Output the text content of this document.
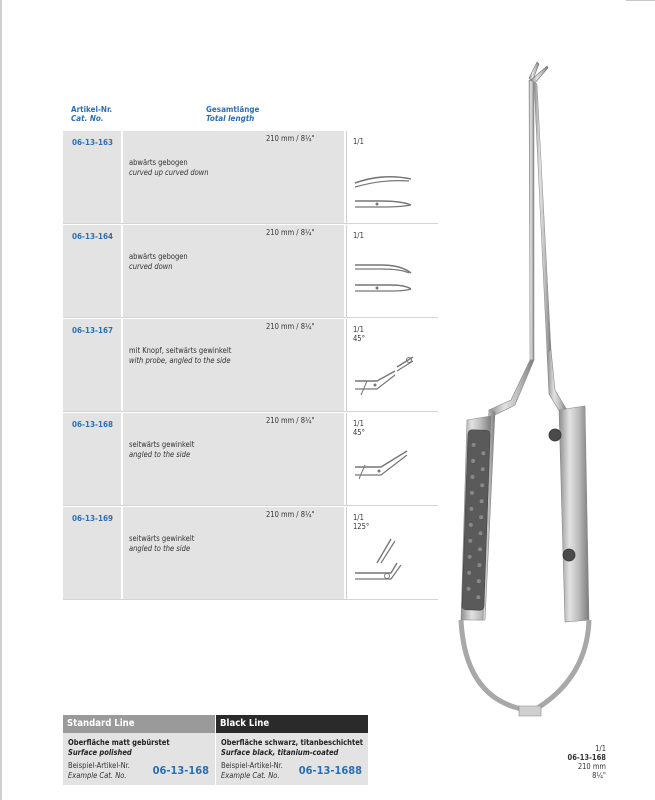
Artikel-Nr.
Cat. No.
Gesamtlänge
Total length
06-13-163	210 mm / 8¼"
abwärts gebogen
curved up curved down
1/1
06-13-164	210 mm / 8¼"
abwärts gebogen
curved down
1/1
06-13-167	210 mm / 8¼"
mit Knopf, seitwärts gewinkelt
with probe, angled to the side
1/1
45°
06-13-168	210 mm / 8¼"
seitwärts gewinkelt
angled to the side
1/1
45°
06-13-169	210 mm / 8¼"
seitwärts gewinkelt
angled to the side
1/1
125°
Standard Line
Oberfläche matt gebürstet
Surface polished
Beispiel-Artikel-Nr.
Example Cat. No. 06-13-168
Black Line
Oberfläche schwarz, titanbeschichtet
Surface black, titanium-coated
Beispiel-Artikel-Nr.
Example Cat. No. 06-13-1688
1/1
06-13-168
210 mm
8¼"
